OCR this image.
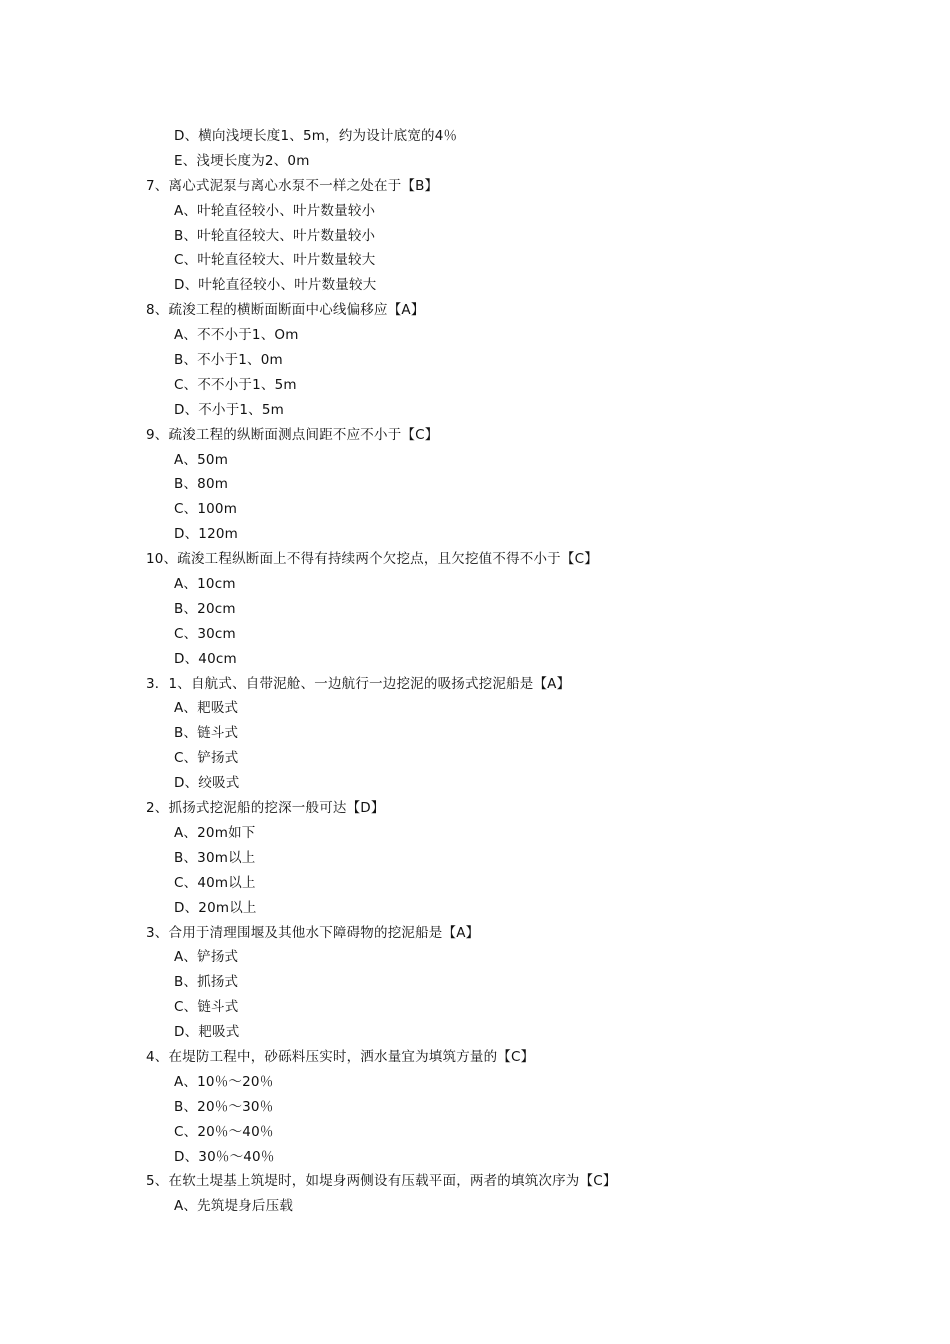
D、横向浅埂长度1、5m，约为设计底宽的4％
E、浅埂长度为2、0m
7、离心式泥泵与离心水泵不一样之处在于【B】
A、叶轮直径较小、叶片数量较小
B、叶轮直径较大、叶片数量较小
C、叶轮直径较大、叶片数量较大
D、叶轮直径较小、叶片数量较大
8、疏浚工程的横断面断面中心线偏移应【A】
A、不不小于1、Om
B、不小于1、0m
C、不不小于1、5m
D、不小于1、5m
9、疏浚工程的纵断面测点间距不应不小于【C】
A、50m
B、80m
C、100m
D、120m
10、疏浚工程纵断面上不得有持续两个欠挖点，且欠挖值不得不小于【C】
A、10cm
B、20cm
C、30cm
D、40cm
3．1、自航式、自带泥舱、一边航行一边挖泥的吸扬式挖泥船是【A】
A、耙吸式
B、链斗式
C、铲扬式
D、绞吸式
2、抓扬式挖泥船的挖深一般可达【D】
A、20m如下
B、30m以上
C、40m以上
D、20m以上
3、合用于清理围堰及其他水下障碍物的挖泥船是【A】
A、铲扬式
B、抓扬式
C、链斗式
D、耙吸式
4、在堤防工程中，砂砾料压实时，洒水量宜为填筑方量的【C】
A、10％～20％
B、20％～30％
C、20％～40％
D、30％～40％
5、在软土堤基上筑堤时，如堤身两侧设有压载平面，两者的填筑次序为【C】
A、先筑堤身后压载
